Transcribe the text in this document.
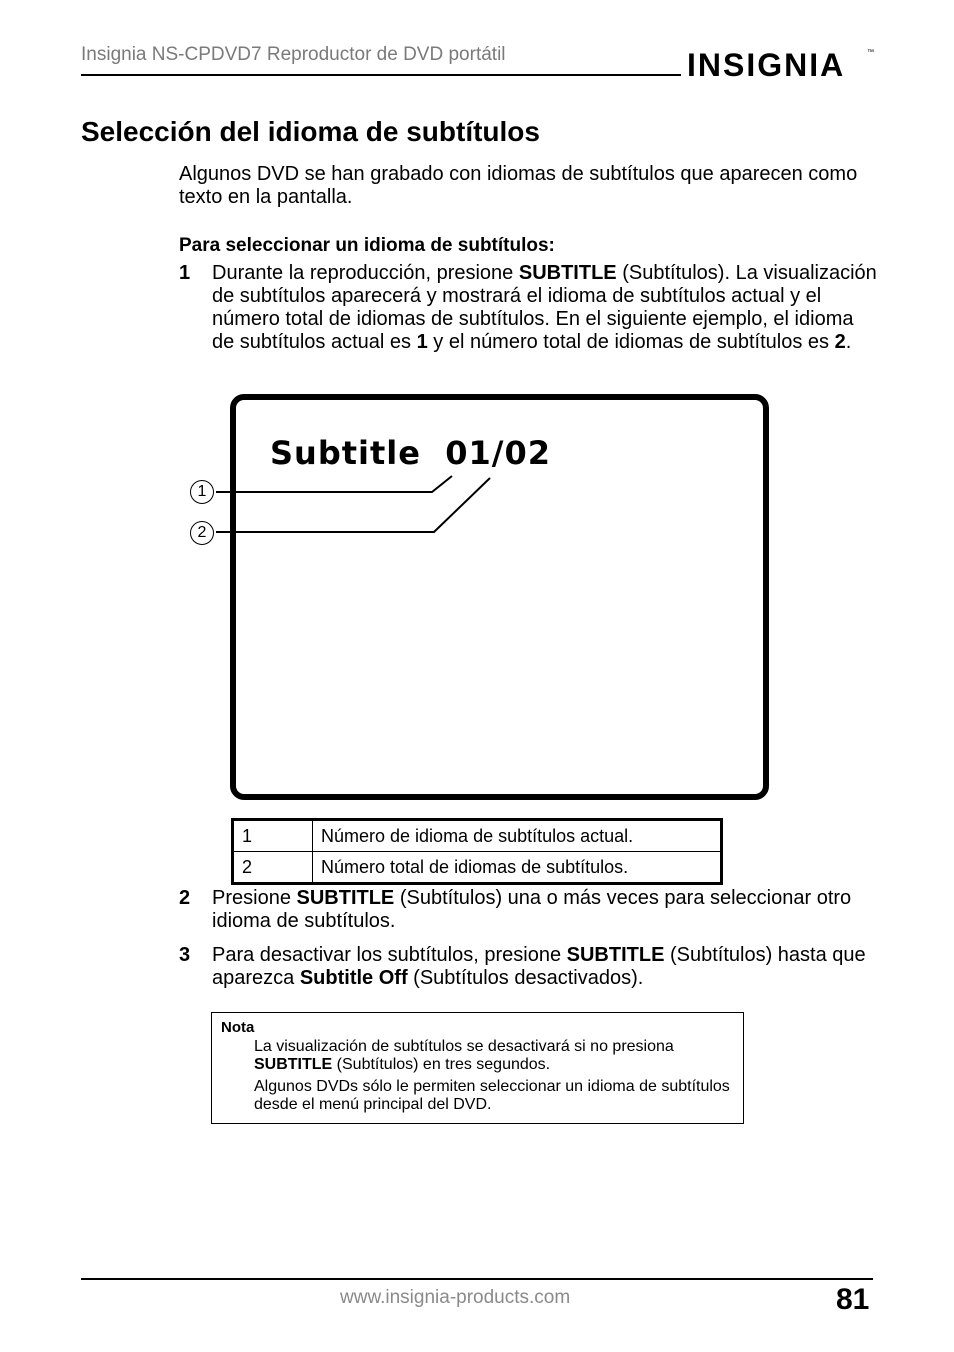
Insignia NS-CPDVD7 Reproductor de DVD portátil	INSIGNIA	™
Selección del idioma de subtítulos
Algunos DVD se han grabado con idiomas de subtítulos que aparecen como texto en la pantalla.
Para seleccionar un idioma de subtítulos:
1	Durante la reproducción, presione SUBTITLE (Subtítulos). La visualización de subtítulos aparecerá y mostrará el idioma de subtítulos actual y el número total de idiomas de subtítulos. En el siguiente ejemplo, el idioma de subtítulos actual es 1 y el número total de idiomas de subtítulos es 2.
Subtitle  01/02
1
2
1	Número de idioma de subtítulos actual.
2	Número total de idiomas de subtítulos.
2	Presione SUBTITLE (Subtítulos) una o más veces para seleccionar otro idioma de subtítulos.
3	Para desactivar los subtítulos, presione SUBTITLE (Subtítulos) hasta que aparezca Subtitle Off (Subtítulos desactivados).
Nota
La visualización de subtítulos se desactivará si no presiona SUBTITLE (Subtítulos) en tres segundos.
Algunos DVDs sólo le permiten seleccionar un idioma de subtítulos desde el menú principal del DVD.
www.insignia-products.com	81
